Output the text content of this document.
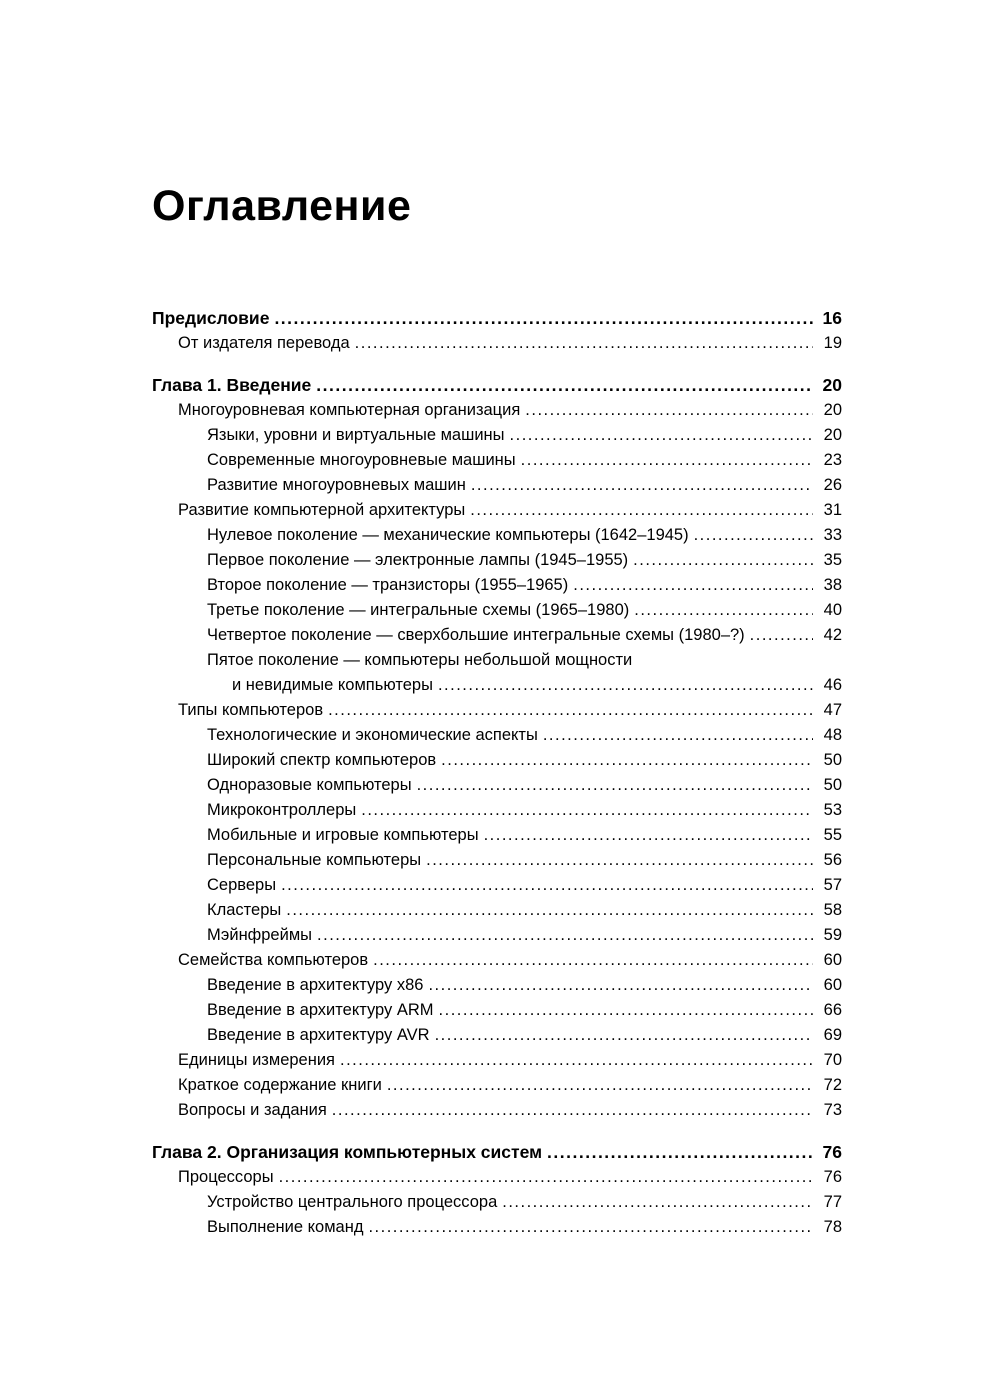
Оглавление
Предисловие .....	16
От издателя перевода .....	19
Глава 1. Введение .....	20
Многоуровневая компьютерная организация .....	20
Языки, уровни и виртуальные машины .....	20
Современные многоуровневые машины .....	23
Развитие многоуровневых машин .....	26
Развитие компьютерной архитектуры .....	31
Нулевое поколение — механические компьютеры (1642–1945) .....	33
Первое поколение — электронные лампы (1945–1955) .....	35
Второе поколение — транзисторы (1955–1965) .....	38
Третье поколение — интегральные схемы (1965–1980) .....	40
Четвертое поколение — сверхбольшие интегральные схемы (1980–?) .....	42
Пятое поколение — компьютеры небольшой мощности
и невидимые компьютеры .....	46
Типы компьютеров .....	47
Технологические и экономические аспекты .....	48
Широкий спектр компьютеров .....	50
Одноразовые компьютеры .....	50
Микроконтроллеры .....	53
Мобильные и игровые компьютеры .....	55
Персональные компьютеры .....	56
Серверы .....	57
Кластеры .....	58
Мэйнфреймы .....	59
Семейства компьютеров .....	60
Введение в архитектуру x86 .....	60
Введение в архитектуру ARM .....	66
Введение в архитектуру AVR .....	69
Единицы измерения .....	70
Краткое содержание книги .....	72
Вопросы и задания .....	73
Глава 2. Организация компьютерных систем .....	76
Процессоры .....	76
Устройство центрального процессора .....	77
Выполнение команд .....	78
